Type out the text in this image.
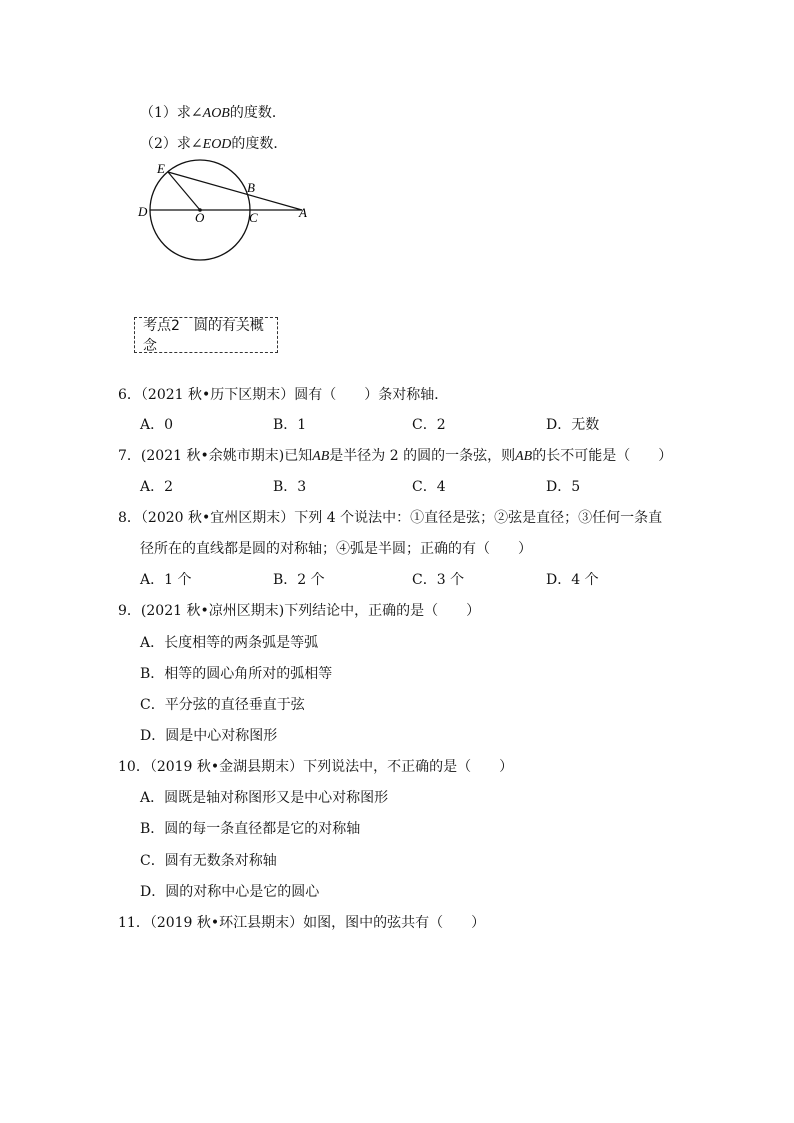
（1）求∠AOB的度数．
（2）求∠EOD的度数．
E
B
D	O	C	A
考点2　圆的有关概念
6．（2021 秋•历下区期末）圆有（　　）条对称轴．
A．0	B．1	C．2	D．无数
7．(2021 秋•余姚市期末)已知AB是半径为 2 的圆的一条弦，则AB的长不可能是（　　）
A．2	B．3	C．4	D．5
8．（2020 秋•宜州区期末）下列 4 个说法中：①直径是弦；②弦是直径；③任何一条直
径所在的直线都是圆的对称轴；④弧是半圆；正确的有（　　）
A．1 个	B．2 个	C．3 个	D．4 个
9．(2021 秋•凉州区期末)下列结论中，正确的是（　　）
A．长度相等的两条弧是等弧
B．相等的圆心角所对的弧相等
C．平分弦的直径垂直于弦
D．圆是中心对称图形
10．（2019 秋•金湖县期末）下列说法中，不正确的是（　　）
A．圆既是轴对称图形又是中心对称图形
B．圆的每一条直径都是它的对称轴
C．圆有无数条对称轴
D．圆的对称中心是它的圆心
11．（2019 秋•环江县期末）如图，图中的弦共有（　　）
